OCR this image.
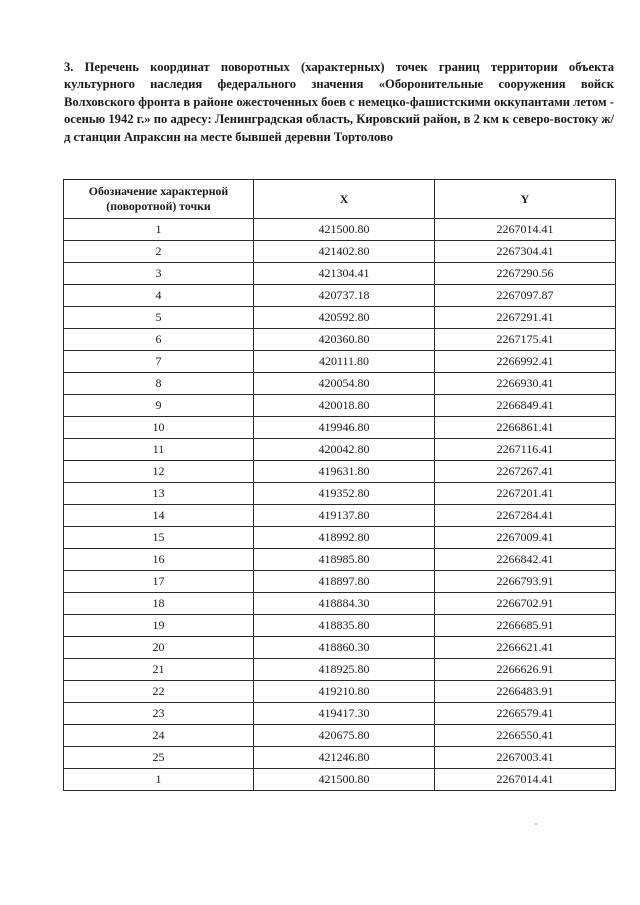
3. Перечень координат поворотных (характерных) точек границ территории объекта культурного наследия федерального значения «Оборонительные сооружения войск Волховского фронта в районе ожесточенных боев с немецко-фашистскими оккупантами летом - осенью 1942 г.» по адресу: Ленинградская область, Кировский район, в 2 км к северо-востоку ж/д станции Апраксин на месте бывшей деревни Тортолово

Обозначение характерной (поворотной) точки	X	Y
1	421500.80	2267014.41
2	421402.80	2267304.41
3	421304.41	2267290.56
4	420737.18	2267097.87
5	420592.80	2267291.41
6	420360.80	2267175.41
7	420111.80	2266992.41
8	420054.80	2266930.41
9	420018.80	2266849.41
10	419946.80	2266861.41
11	420042.80	2267116.41
12	419631.80	2267267.41
13	419352.80	2267201.41
14	419137.80	2267284.41
15	418992.80	2267009.41
16	418985.80	2266842.41
17	418897.80	2266793.91
18	418884.30	2266702.91
19	418835.80	2266685.91
20	418860.30	2266621.41
21	418925.80	2266626.91
22	419210.80	2266483.91
23	419417.30	2266579.41
24	420675.80	2266550.41
25	421246.80	2267003.41
1	421500.80	2267014.41
